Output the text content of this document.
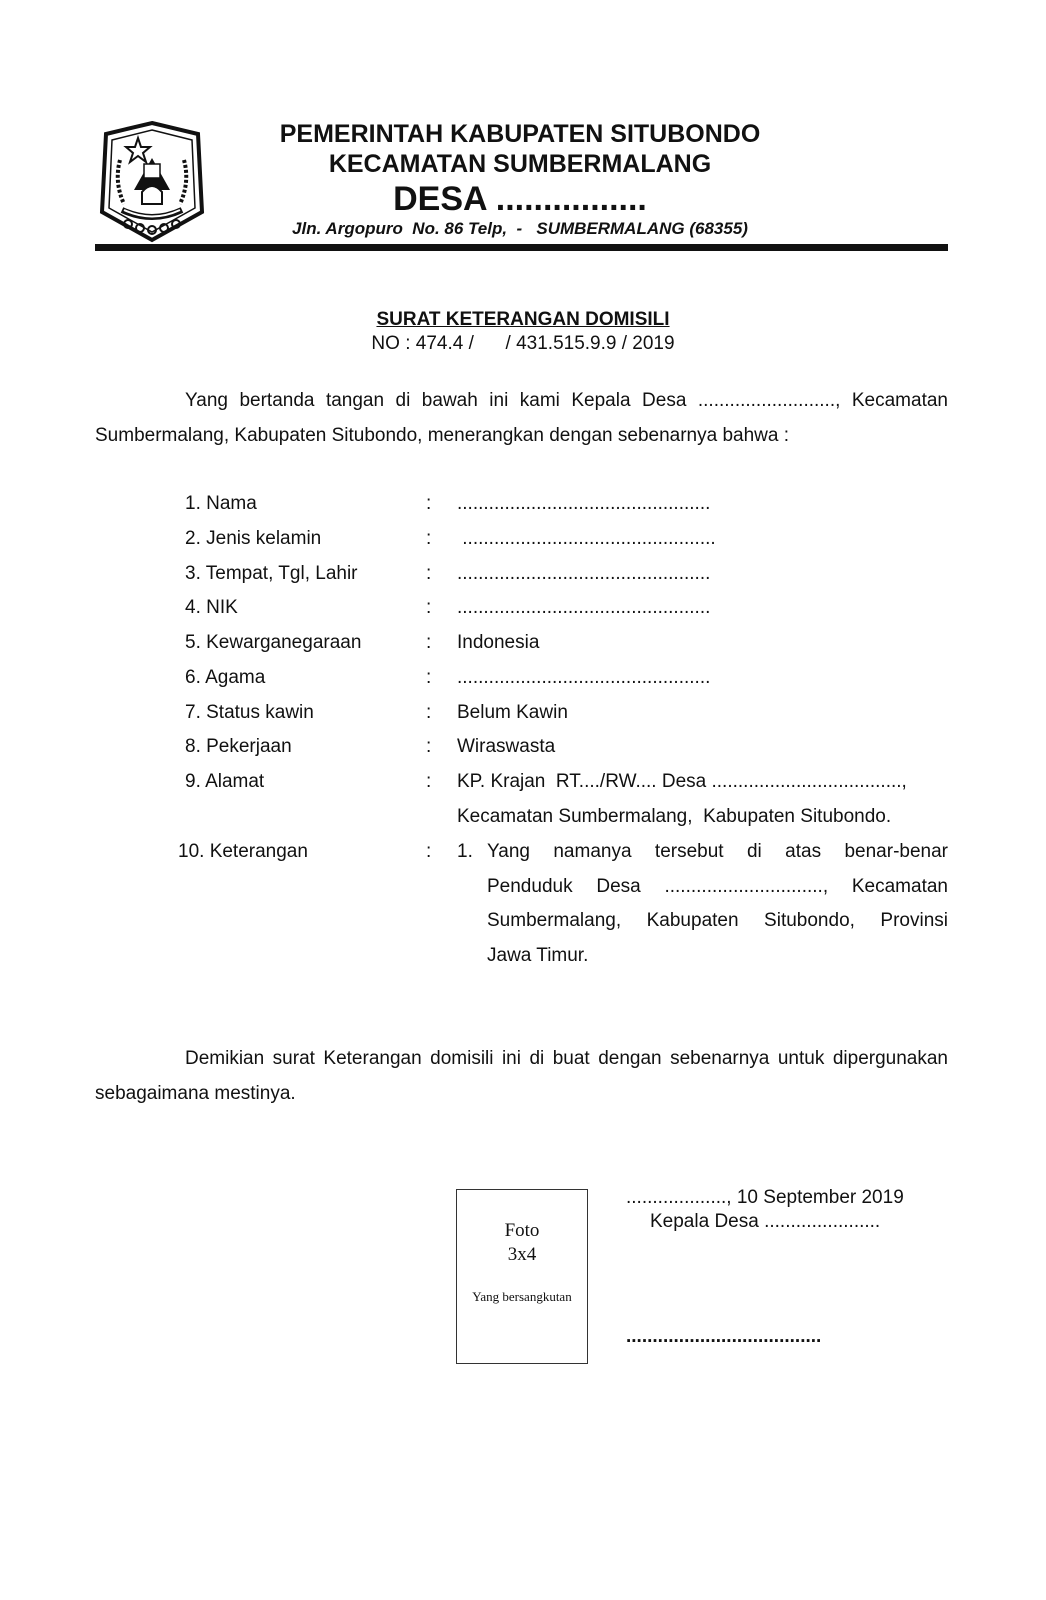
PEMERINTAH KABUPATEN SITUBONDO
KECAMATAN SUMBERMALANG
DESA ................
Jln. Argopuro  No. 86 Telp,  -   SUMBERMALANG (68355)
SURAT KETERANGAN DOMISILI
NO : 474.4 /      / 431.515.9.9 / 2019
Yang bertanda tangan di bawah ini kami Kepala Desa .........................., Kecamatan Sumbermalang, Kabupaten Situbondo, menerangkan dengan sebenarnya bahwa :
1. Nama	: ................................................
2. Jenis kelamin	: ................................................
3. Tempat, Tgl, Lahir	: ................................................
4. NIK	: ................................................
5. Kewarganegaraan	: Indonesia
6. Agama	: ................................................
7. Status kawin	: Belum Kawin
8. Pekerjaan	: Wiraswasta
9. Alamat	: KP. Krajan  RT..../RW.... Desa ....................................,
Kecamatan Sumbermalang,  Kabupaten Situbondo.
10. Keterangan	: 1. Yang namanya tersebut di atas benar-benar
Penduduk Desa .............................., Kecamatan
Sumbermalang, Kabupaten Situbondo, Provinsi
Jawa Timur.
Demikian surat Keterangan domisili ini di buat dengan sebenarnya untuk dipergunakan sebagaimana mestinya.
Foto
3x4
Yang bersangkutan
..................., 10 September 2019
Kepala Desa ......................
.....................................
